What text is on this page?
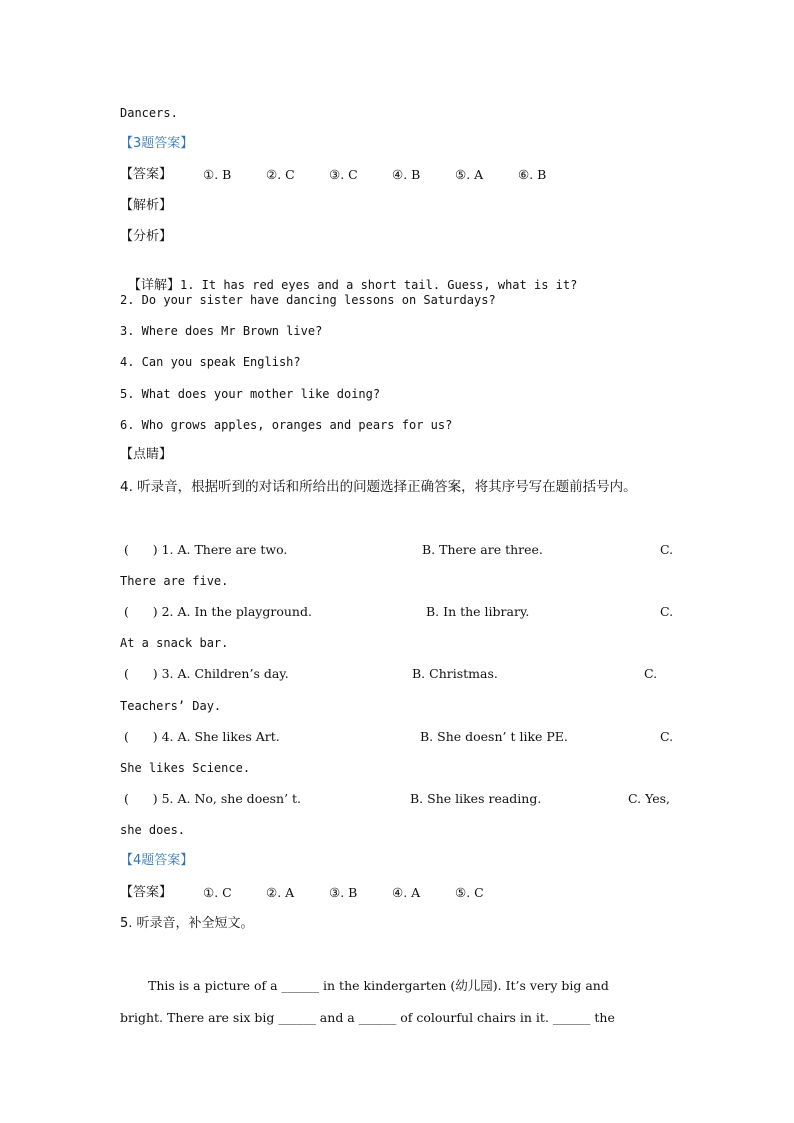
Dancers.
【3题答案】
【答案】 ①. B	②. C	③. C	④. B	⑤. A	⑥. B
【解析】
【分析】

【详解】1. It has red eyes and a short tail. Guess, what is it?

2. Do your sister have dancing lessons on Saturdays?
3. Where does Mr Brown live?
4. Can you speak English?
5. What does your mother like doing?
6. Who grows apples, oranges and pears for us?
【点睛】
4. 听录音，根据听到的对话和所给出的问题选择正确答案，将其序号写在题前括号内。
(      ) 1. A. There are two.	B. There are three.	C.
There are five.
(      ) 2. A. In the playground.	B. In the library.	C.
At a snack bar.
(      ) 3. A. Children’s day.	B. Christmas.	C.
Teachers’ Day.
(      ) 4. A. She likes Art.	B. She doesn’ t like PE.	C.
She likes Science.
(      ) 5. A. No, she doesn’ t.	B. She likes reading.	C. Yes,
she does.
【4题答案】
【答案】 ①. C	②. A	③. B	④. A	⑤. C
5. 听录音，补全短文。
This is a picture of a ______ in the kindergarten (幼儿园). It’s very big and
bright. There are six big ______ and a ______ of colourful chairs in it. ______ the
